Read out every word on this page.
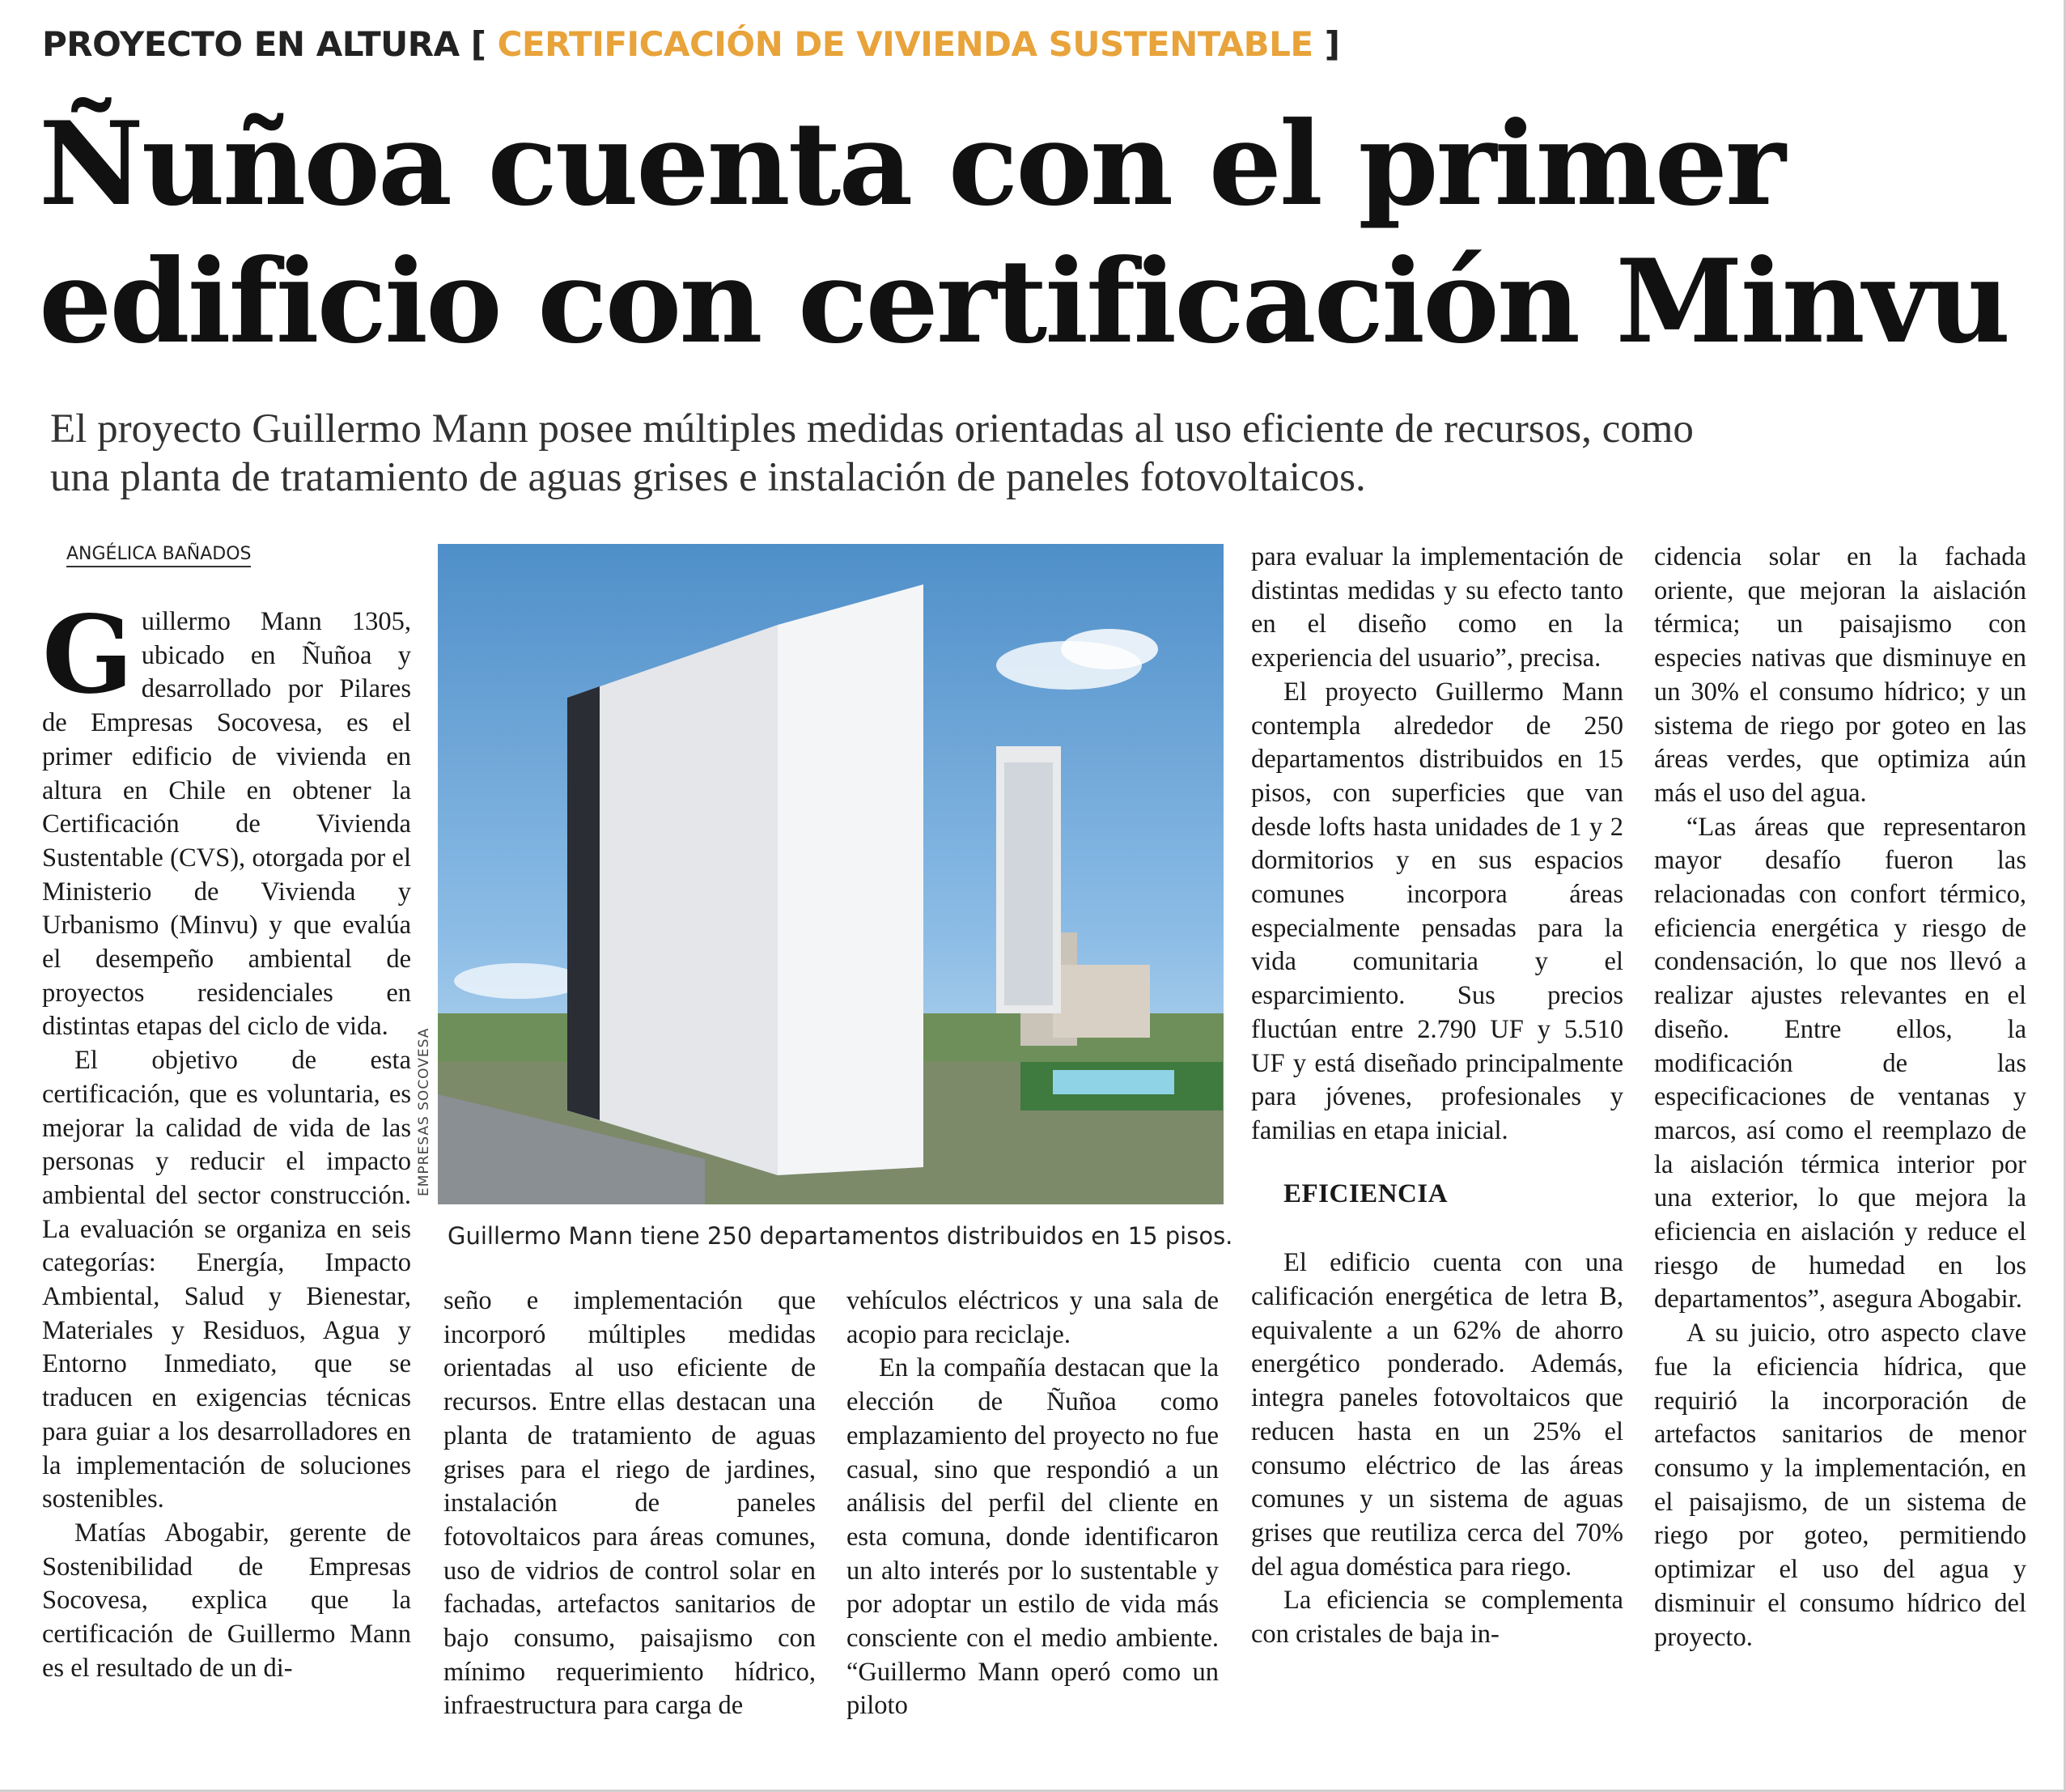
PROYECTO EN ALTURA [ CERTIFICACIÓN DE VIVIENDA SUSTENTABLE ]
Ñuñoa cuenta con el primer
edificio con certificación Minvu

El proyecto Guillermo Mann posee múltiples medidas orientadas al uso eficiente de recursos, como
una planta de tratamiento de aguas grises e instalación de paneles fotovoltaicos.

ANGÉLICA BAÑADOS

Guillermo Mann 1305, ubicado en Ñuñoa y desarrollado por Pilares de Empresas Socovesa, es el primer edificio de vivienda en altura en Chile en obtener la Certificación de Vivienda Sustentable (CVS), otorgada por el Ministerio de Vivienda y Urbanismo (Minvu) y que evalúa el desempeño ambiental de proyectos residenciales en distintas etapas del ciclo de vida.

El objetivo de esta certificación, que es voluntaria, es mejorar la calidad de vida de las personas y reducir el impacto ambiental del sector construcción. La evaluación se organiza en seis categorías: Energía, Impacto Ambiental, Salud y Bienestar, Materiales y Residuos, Agua y Entorno Inmediato, que se traducen en exigencias técnicas para guiar a los desarrolladores en la implementación de soluciones sostenibles.

Matías Abogabir, gerente de Sostenibilidad de Empresas Socovesa, explica que la certificación de Guillermo Mann es el resultado de un di-

EMPRESAS SOCOVESA
Guillermo Mann tiene 250 departamentos distribuidos en 15 pisos.

seño e implementación que incorporó múltiples medidas orientadas al uso eficiente de recursos. Entre ellas destacan una planta de tratamiento de aguas grises para el riego de jardines, instalación de paneles fotovoltaicos para áreas comunes, uso de vidrios de control solar en fachadas, artefactos sanitarios de bajo consumo, paisajismo con mínimo requerimiento hídrico, infraestructura para carga de

vehículos eléctricos y una sala de acopio para reciclaje.

En la compañía destacan que la elección de Ñuñoa como emplazamiento del proyecto no fue casual, sino que respondió a un análisis del perfil del cliente en esta comuna, donde identificaron un alto interés por lo sustentable y por adoptar un estilo de vida más consciente con el medio ambiente. “Guillermo Mann operó como un piloto

para evaluar la implementación de distintas medidas y su efecto tanto en el diseño como en la experiencia del usuario”, precisa.

El proyecto Guillermo Mann contempla alrededor de 250 departamentos distribuidos en 15 pisos, con superficies que van desde lofts hasta unidades de 1 y 2 dormitorios y en sus espacios comunes incorpora áreas especialmente pensadas para la vida comunitaria y el esparcimiento. Sus precios fluctúan entre 2.790 UF y 5.510 UF y está diseñado principalmente para jóvenes, profesionales y familias en etapa inicial.

EFICIENCIA

El edificio cuenta con una calificación energética de letra B, equivalente a un 62% de ahorro energético ponderado. Además, integra paneles fotovoltaicos que reducen hasta en un 25% el consumo eléctrico de las áreas comunes y un sistema de aguas grises que reutiliza cerca del 70% del agua doméstica para riego.

La eficiencia se complementa con cristales de baja in-

cidencia solar en la fachada oriente, que mejoran la aislación térmica; un paisajismo con especies nativas que disminuye en un 30% el consumo hídrico; y un sistema de riego por goteo en las áreas verdes, que optimiza aún más el uso del agua.

“Las áreas que representaron mayor desafío fueron las relacionadas con confort térmico, eficiencia energética y riesgo de condensación, lo que nos llevó a realizar ajustes relevantes en el diseño. Entre ellos, la modificación de las especificaciones de ventanas y marcos, así como el reemplazo de la aislación térmica interior por una exterior, lo que mejora la eficiencia en aislación y reduce el riesgo de humedad en los departamentos”, asegura Abogabir.

A su juicio, otro aspecto clave fue la eficiencia hídrica, que requirió la incorporación de artefactos sanitarios de menor consumo y la implementación, en el paisajismo, de un sistema de riego por goteo, permitiendo optimizar el uso del agua y disminuir el consumo hídrico del proyecto.
